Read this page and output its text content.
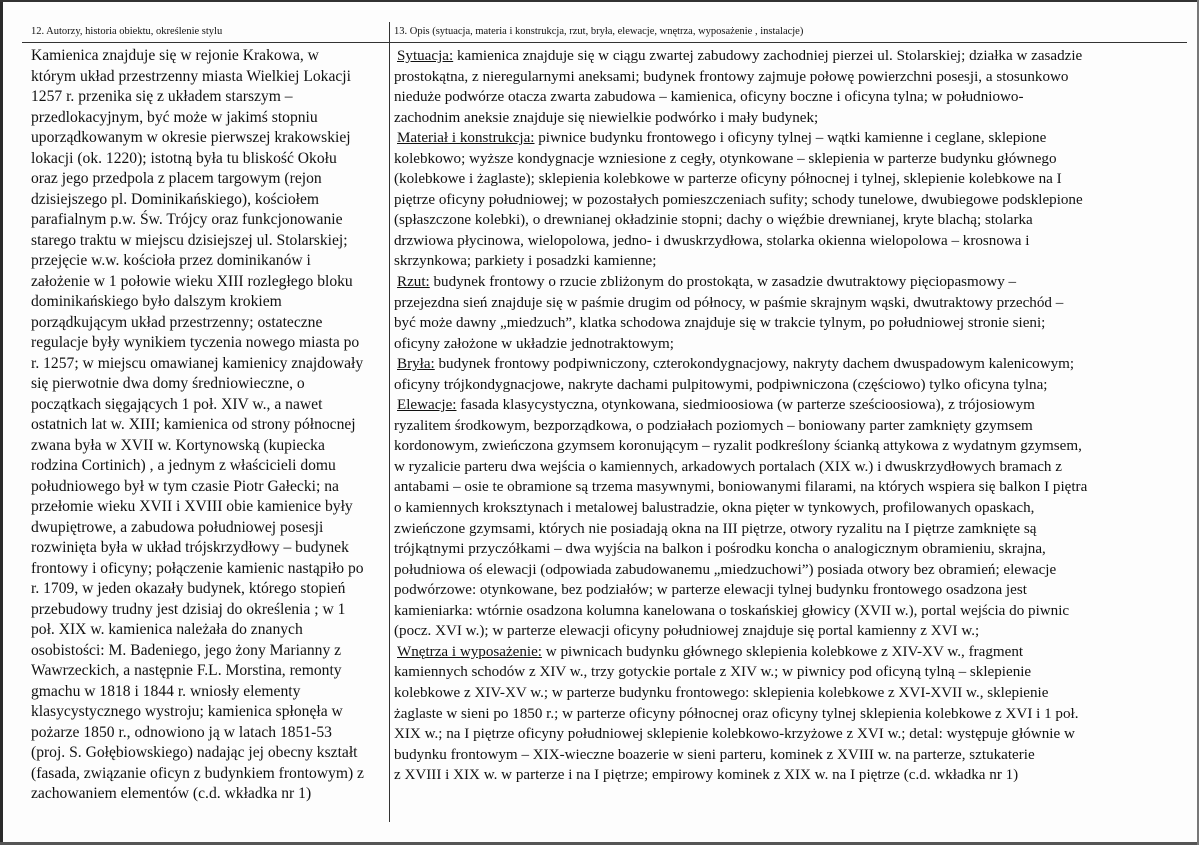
12. Autorzy, historia obiektu, określenie stylu	13. Opis (sytuacja, materia i konstrukcja, rzut, bryła, elewacje, wnętrza, wyposażenie , instalacje)
Kamienica znajduje się w rejonie Krakowa, w
którym układ przestrzenny miasta Wielkiej Lokacji
1257 r. przenika się z układem starszym –
przedlokacyjnym, być może w jakimś stopniu
uporządkowanym w okresie pierwszej krakowskiej
lokacji (ok. 1220); istotną była tu bliskość Okołu
oraz jego przedpola z placem targowym (rejon
dzisiejszego pl. Dominikańskiego), kościołem
parafialnym p.w. Św. Trójcy oraz funkcjonowanie
starego traktu w miejscu dzisiejszej ul. Stolarskiej;
przejęcie w.w. kościoła przez dominikanów i
założenie w 1 połowie wieku XIII rozległego bloku
dominikańskiego było dalszym krokiem
porządkującym układ przestrzenny; ostateczne
regulacje były wynikiem tyczenia nowego miasta po
r. 1257; w miejscu omawianej kamienicy znajdowały
się pierwotnie dwa domy średniowieczne, o
początkach sięgających 1 poł. XIV w., a nawet
ostatnich lat w. XIII; kamienica od strony północnej
zwana była w XVII w. Kortynowską (kupiecka
rodzina Cortinich) , a jednym z właścicieli domu
południowego był w tym czasie Piotr Gałecki; na
przełomie wieku XVII i XVIII obie kamienice były
dwupiętrowe, a zabudowa południowej posesji
rozwinięta była w układ trójskrzydłowy – budynek
frontowy i oficyny; połączenie kamienic nastąpiło po
r. 1709, w jeden okazały budynek, którego stopień
przebudowy trudny jest dzisiaj do określenia ; w 1
poł. XIX w. kamienica należała do znanych
osobistości: M. Badeniego, jego żony Marianny z
Wawrzeckich, a następnie F.L. Morstina, remonty
gmachu w 1818 i 1844 r. wniosły elementy
klasycystycznego wystroju; kamienica spłonęła w
pożarze 1850 r., odnowiono ją w latach 1851-53
(proj. S. Gołębiowskiego) nadając jej obecny kształt
(fasada, związanie oficyn z budynkiem frontowym) z
zachowaniem elementów (c.d. wkładka nr 1)
Sytuacja: kamienica znajduje się w ciągu zwartej zabudowy zachodniej pierzei ul. Stolarskiej; działka w zasadzie
prostokątna, z nieregularnymi aneksami; budynek frontowy zajmuje połowę powierzchni posesji, a stosunkowo
nieduże podwórze otacza zwarta zabudowa – kamienica, oficyny boczne i oficyna tylna; w południowo-
zachodnim aneksie znajduje się niewielkie podwórko i mały budynek;
Materiał i konstrukcja: piwnice budynku frontowego i oficyny tylnej – wątki kamienne i ceglane, sklepione
kolebkowo; wyższe kondygnacje wzniesione z cegły, otynkowane – sklepienia w parterze budynku głównego
(kolebkowe i żaglaste); sklepienia kolebkowe w parterze oficyny północnej i tylnej, sklepienie kolebkowe na I
piętrze oficyny południowej; w pozostałych pomieszczeniach sufity; schody tunelowe, dwubiegowe podsklepione
(spłaszczone kolebki), o drewnianej okładzinie stopni; dachy o więźbie drewnianej, kryte blachą; stolarka
drzwiowa płycinowa, wielopolowa, jedno- i dwuskrzydłowa, stolarka okienna wielopolowa – krosnowa i
skrzynkowa; parkiety i posadzki kamienne;
Rzut: budynek frontowy o rzucie zbliżonym do prostokąta, w zasadzie dwutraktowy pięciopasmowy –
przejezdna sień znajduje się w paśmie drugim od północy, w paśmie skrajnym wąski, dwutraktowy przechód –
być może dawny „miedzuch”, klatka schodowa znajduje się w trakcie tylnym, po południowej stronie sieni;
oficyny założone w układzie jednotraktowym;
Bryła: budynek frontowy podpiwniczony, czterokondygnacjowy, nakryty dachem dwuspadowym kalenicowym;
oficyny trójkondygnacjowe, nakryte dachami pulpitowymi, podpiwniczona (częściowo) tylko oficyna tylna;
Elewacje: fasada klasycystyczna, otynkowana, siedmioosiowa (w parterze sześcioosiowa), z trójosiowym
ryzalitem środkowym, bezporządkowa, o podziałach poziomych – boniowany parter zamknięty gzymsem
kordonowym, zwieńczona gzymsem koronującym – ryzalit podkreślony ścianką attykowa z wydatnym gzymsem,
w ryzalicie parteru dwa wejścia o kamiennych, arkadowych portalach (XIX w.) i dwuskrzydłowych bramach z
antabami – osie te obramione są trzema masywnymi, boniowanymi filarami, na których wspiera się balkon I piętra
o kamiennych kroksztynach i metalowej balustradzie, okna pięter w tynkowych, profilowanych opaskach,
zwieńczone gzymsami, których nie posiadają okna na III piętrze, otwory ryzalitu na I piętrze zamknięte są
trójkątnymi przyczółkami – dwa wyjścia na balkon i pośrodku koncha o analogicznym obramieniu, skrajna,
południowa oś elewacji (odpowiada zabudowanemu „miedzuchowi”) posiada otwory bez obramień; elewacje
podwórzowe: otynkowane, bez podziałów; w parterze elewacji tylnej budynku frontowego osadzona jest
kamieniarka: wtórnie osadzona kolumna kanelowana o toskańskiej głowicy (XVII w.), portal wejścia do piwnic
(pocz. XVI w.); w parterze elewacji oficyny południowej znajduje się portal kamienny z XVI w.;
Wnętrza i wyposażenie: w piwnicach budynku głównego sklepienia kolebkowe z XIV-XV w., fragment
kamiennych schodów z XIV w., trzy gotyckie portale z XIV w.; w piwnicy pod oficyną tylną – sklepienie
kolebkowe z XIV-XV w.; w parterze budynku frontowego: sklepienia kolebkowe z XVI-XVII w., sklepienie
żaglaste w sieni po 1850 r.; w parterze oficyny północnej oraz oficyny tylnej sklepienia kolebkowe z XVI i 1 poł.
XIX w.; na I piętrze oficyny południowej sklepienie kolebkowo-krzyżowe z XVI w.; detal: występuje głównie w
budynku frontowym – XIX-wieczne boazerie w sieni parteru, kominek z XVIII w. na parterze, sztukaterie
z XVIII i XIX w. w parterze i na I piętrze; empirowy kominek z XIX w. na I piętrze (c.d. wkładka nr 1)
